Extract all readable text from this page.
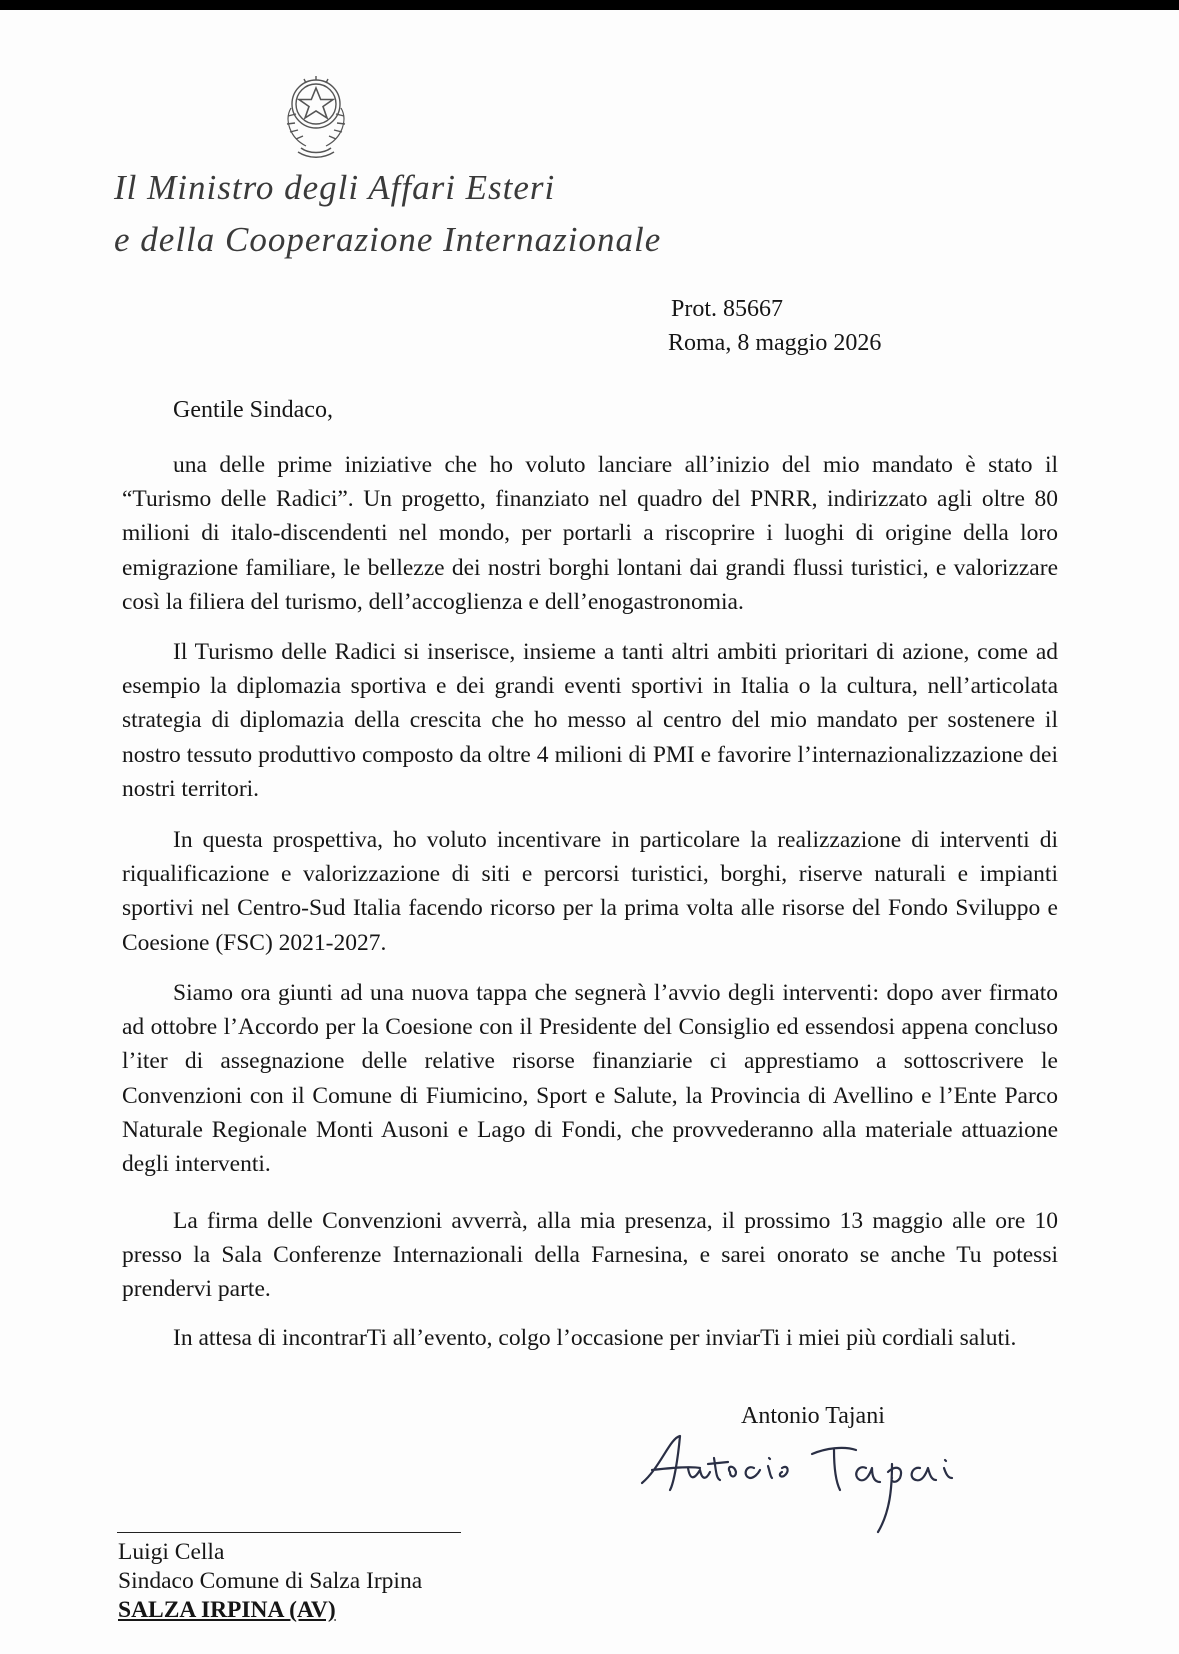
Il Ministro degli Affari Esteri
e della Cooperazione Internazionale
Prot. 85667
Roma, 8 maggio 2026
Gentile Sindaco,

una delle prime iniziative che ho voluto lanciare all’inizio del mio mandato è stato il “Turismo delle Radici”. Un progetto, finanziato nel quadro del PNRR, indirizzato agli oltre 80 milioni di italo-discendenti nel mondo, per portarli a riscoprire i luoghi di origine della loro emigrazione familiare, le bellezze dei nostri borghi lontani dai grandi flussi turistici, e valorizzare così la filiera del turismo, dell’accoglienza e dell’enogastronomia.

Il Turismo delle Radici si inserisce, insieme a tanti altri ambiti prioritari di azione, come ad esempio la diplomazia sportiva e dei grandi eventi sportivi in Italia o la cultura, nell’articolata strategia di diplomazia della crescita che ho messo al centro del mio mandato per sostenere il nostro tessuto produttivo composto da oltre 4 milioni di PMI e favorire l’internazionalizzazione dei nostri territori.

In questa prospettiva, ho voluto incentivare in particolare la realizzazione di interventi di riqualificazione e valorizzazione di siti e percorsi turistici, borghi, riserve naturali e impianti sportivi nel Centro-Sud Italia facendo ricorso per la prima volta alle risorse del Fondo Sviluppo e Coesione (FSC) 2021-2027.

Siamo ora giunti ad una nuova tappa che segnerà l’avvio degli interventi: dopo aver firmato ad ottobre l’Accordo per la Coesione con il Presidente del Consiglio ed essendosi appena concluso l’iter di assegnazione delle relative risorse finanziarie ci apprestiamo a sottoscrivere le Convenzioni con il Comune di Fiumicino, Sport e Salute, la Provincia di Avellino e l’Ente Parco Naturale Regionale Monti Ausoni e Lago di Fondi, che provvederanno alla materiale attuazione degli interventi.

La firma delle Convenzioni avverrà, alla mia presenza, il prossimo 13 maggio alle ore 10 presso la Sala Conferenze Internazionali della Farnesina, e sarei onorato se anche Tu potessi prendervi parte.

In attesa di incontrarTi all’evento, colgo l’occasione per inviarTi i miei più cordiali saluti.

Antonio Tajani
Luigi Cella
Sindaco Comune di Salza Irpina
SALZA IRPINA (AV)
